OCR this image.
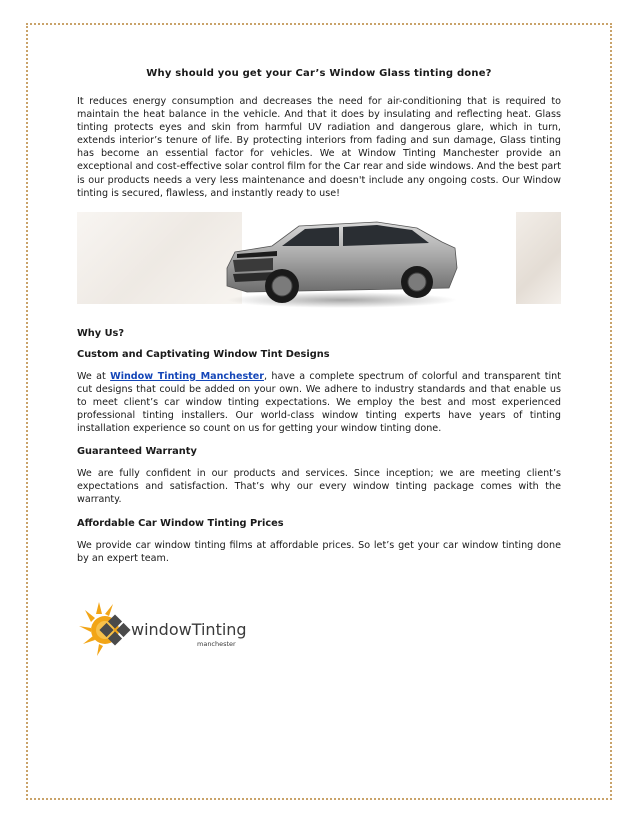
Why should you get your Car’s Window Glass tinting done?

It reduces energy consumption and decreases the need for air-conditioning that is required to maintain the heat balance in the vehicle. And that it does by insulating and reflecting heat. Glass tinting protects eyes and skin from harmful UV radiation and dangerous glare, which in turn, extends interior’s tenure of life. By protecting interiors from fading and sun damage, Glass tinting has become an essential factor for vehicles. We at Window Tinting Manchester provide an exceptional and cost-effective solar control film for the Car rear and side windows. And the best part is our products needs a very less maintenance and doesn't include any ongoing costs. Our Window tinting is secured, flawless, and instantly ready to use!

Why Us?
Custom and Captivating Window Tint Designs

We at Window Tinting Manchester, have a complete spectrum of colorful and transparent tint cut designs that could be added on your own. We adhere to industry standards and that enable us to meet client’s car window tinting expectations. We employ the best and most experienced professional tinting installers. Our world-class window tinting experts have years of tinting installation experience so count on us for getting your window tinting done.

Guaranteed Warranty

We are fully confident in our products and services. Since inception; we are meeting client’s expectations and satisfaction. That’s why our every window tinting package comes with the warranty.

Affordable Car Window Tinting Prices

We provide car window tinting films at affordable prices. So let’s get your car window tinting done by an expert team.

windowTinting
manchester
